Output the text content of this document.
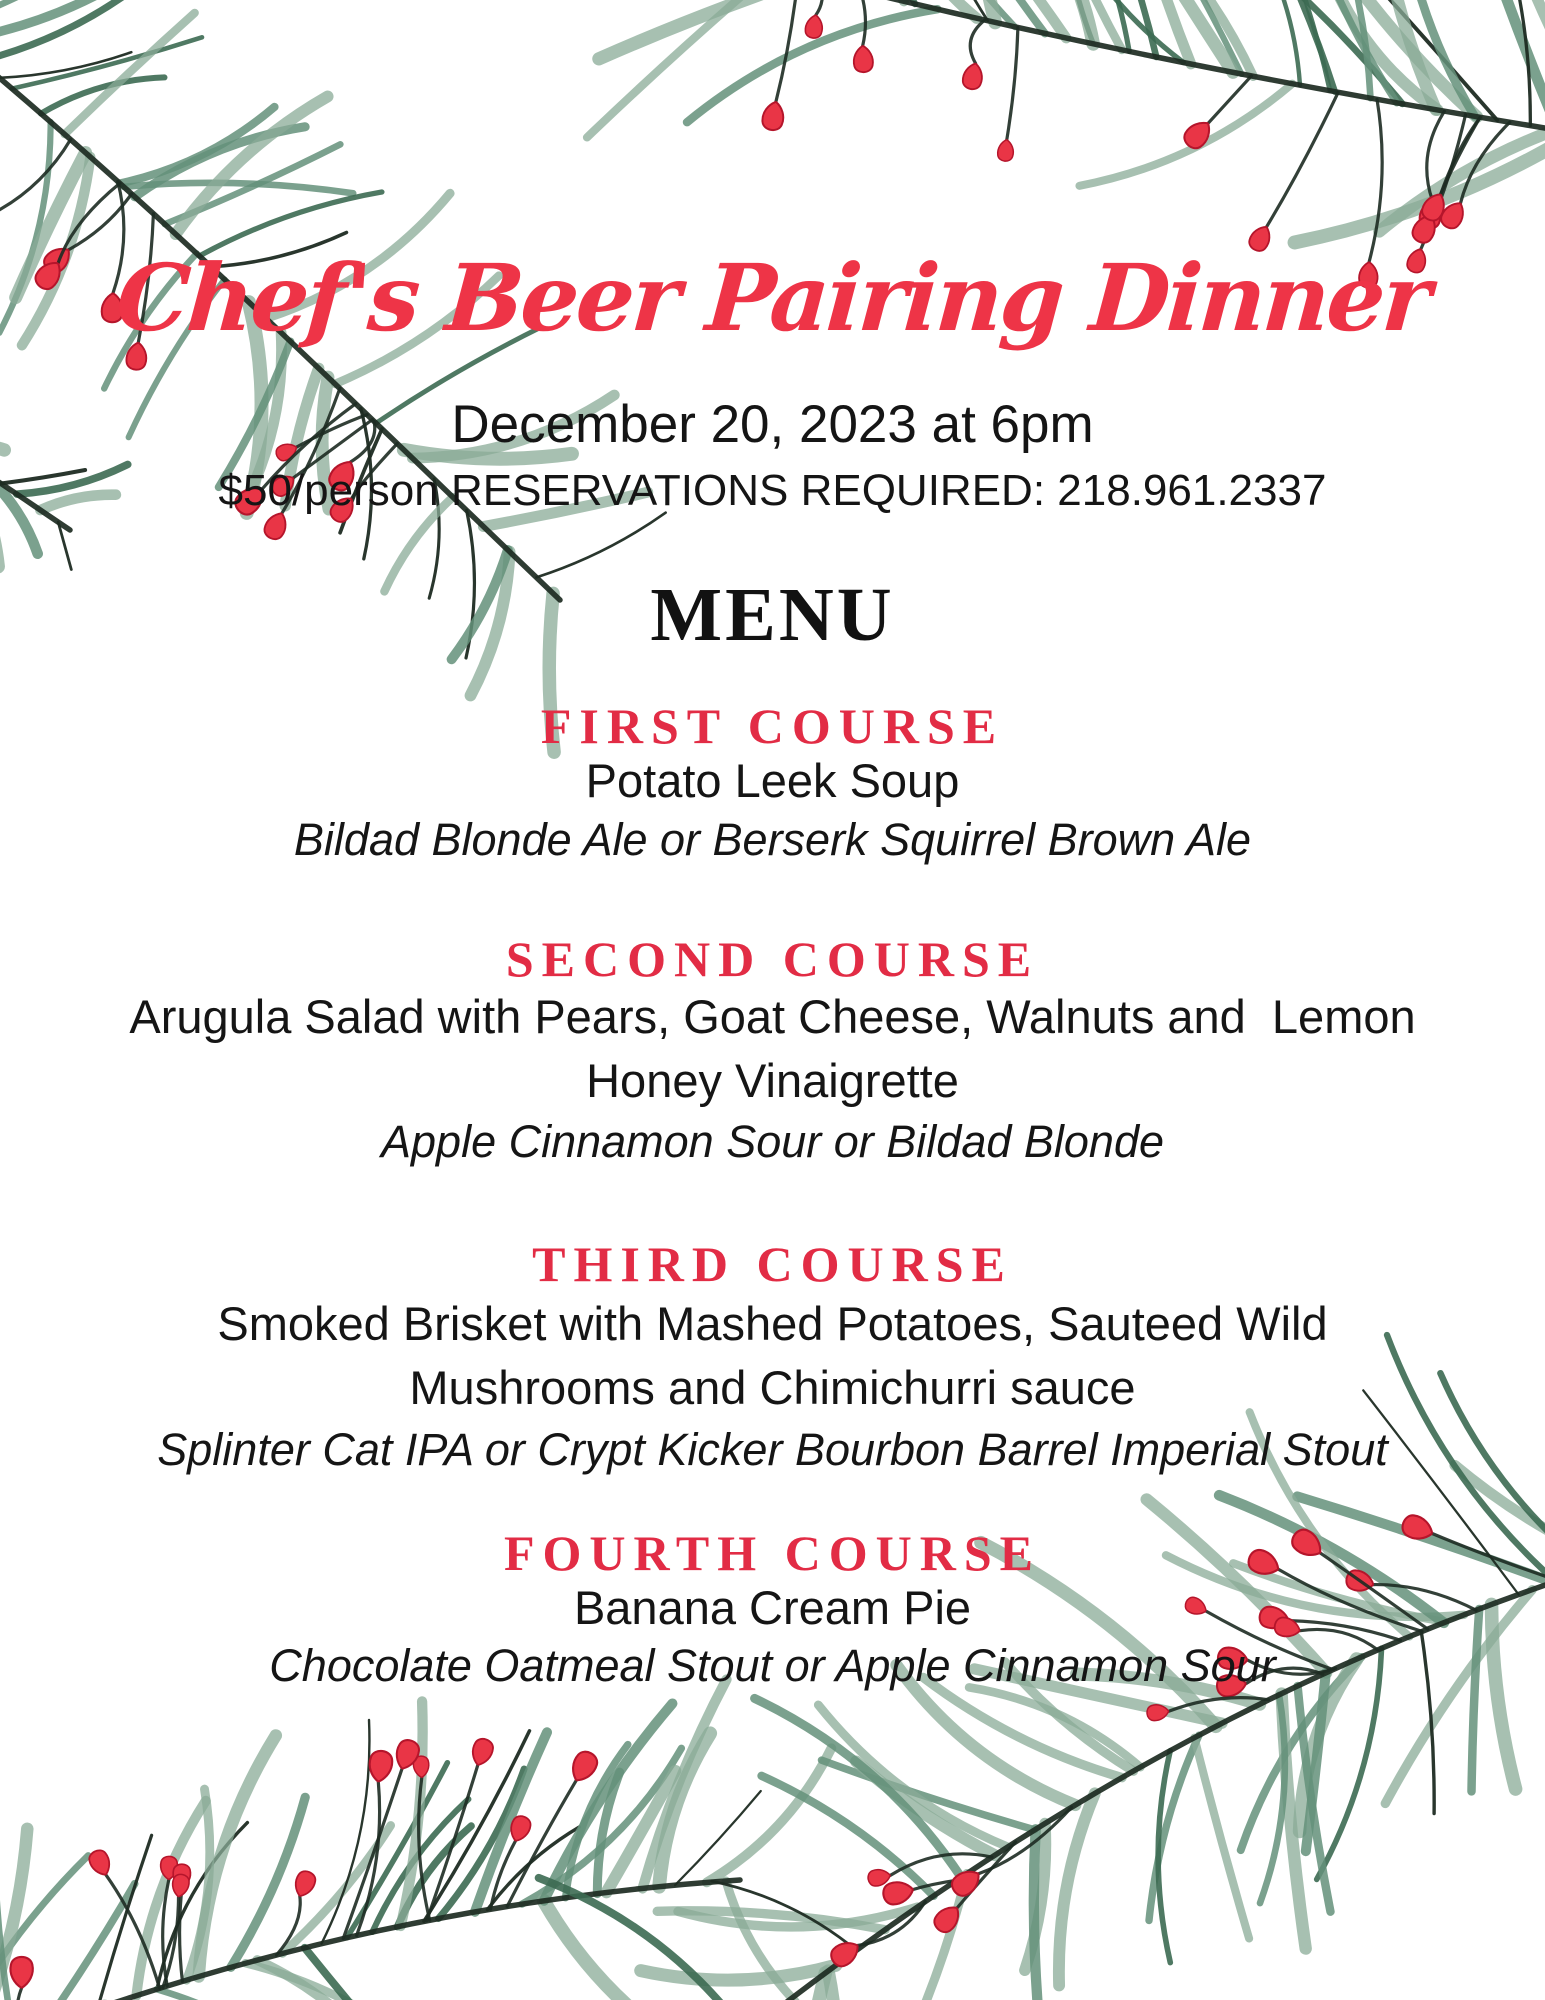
Chef's Beer Pairing Dinner
December 20, 2023 at 6pm
$50/person RESERVATIONS REQUIRED: 218.961.2337
MENU
FIRST COURSE
Potato Leek Soup
Bildad Blonde Ale or Berserk Squirrel Brown Ale
SECOND COURSE
Arugula Salad with Pears, Goat Cheese, Walnuts and  Lemon
Honey Vinaigrette
Apple Cinnamon Sour or Bildad Blonde
THIRD COURSE
Smoked Brisket with Mashed Potatoes, Sauteed Wild
Mushrooms and Chimichurri sauce
Splinter Cat IPA or Crypt Kicker Bourbon Barrel Imperial Stout
FOURTH COURSE
Banana Cream Pie
Chocolate Oatmeal Stout or Apple Cinnamon Sour
